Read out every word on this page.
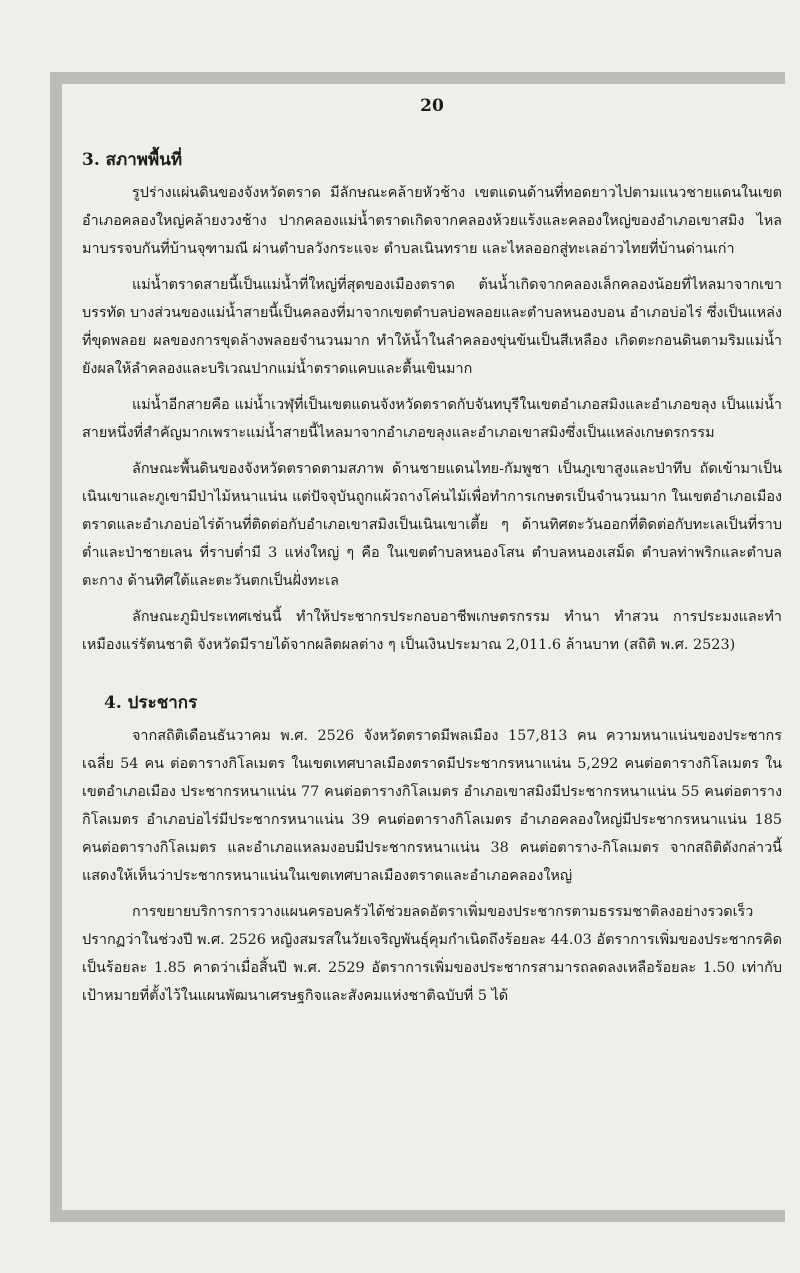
20
3. สภาพพื้นที่

รูปร่างแผ่นดินของจังหวัดตราด มีลักษณะคล้ายหัวช้าง เขตแดนด้านที่ทอดยาวไปตามแนวชายแดนในเขตอำเภอคลองใหญ่คล้ายงวงช้าง ปากคลองแม่น้ำตราดเกิดจากคลองห้วยแร้งและคลองใหญ่ของอำเภอเขาสมิง ไหลมาบรรจบกันที่บ้านจุฑามณี ผ่านตำบลวังกระแจะ ตำบลเนินทราย และไหลออกสู่ทะเลอ่าวไทยที่บ้านด่านเก่า

แม่น้ำตราดสายนี้เป็นแม่น้ำที่ใหญ่ที่สุดของเมืองตราด ต้นน้ำเกิดจากคลองเล็กคลองน้อยที่ไหลมาจากเขาบรรทัด บางส่วนของแม่น้ำสายนี้เป็นคลองที่มาจากเขตตำบลบ่อพลอยและตำบลหนองบอน อำเภอบ่อไร่ ซึ่งเป็นแหล่งที่ขุดพลอย ผลของการขุดล้างพลอยจำนวนมาก ทำให้น้ำในลำคลองขุ่นข้นเป็นสีเหลือง เกิดตะกอนดินตามริมแม่น้ำยังผลให้ลำคลองและบริเวณปากแม่น้ำตราดแคบและตื้นเขินมาก

แม่น้ำอีกสายคือ แม่น้ำเวฬุที่เป็นเขตแดนจังหวัดตราดกับจันทบุรีในเขตอำเภอสมิงและอำเภอขลุง เป็นแม่น้ำสายหนึ่งที่สำคัญมากเพราะแม่น้ำสายนี้ไหลมาจากอำเภอขลุงและอำเภอเขาสมิงซึ่งเป็นแหล่งเกษตรกรรม

ลักษณะพื้นดินของจังหวัดตราดตามสภาพ ด้านชายแดนไทย-กัมพูชา เป็นภูเขาสูงและป่าทึบ ถัดเข้ามาเป็นเนินเขาและภูเขามีป่าไม้หนาแน่น แต่ปัจจุบันถูกแผ้วถางโค่นไม้เพื่อทำการเกษตรเป็นจำนวนมาก ในเขตอำเภอเมืองตราดและอำเภอบ่อไร่ด้านที่ติดต่อกับอำเภอเขาสมิงเป็นเนินเขาเตี้ย ๆ ด้านทิศตะวันออกที่ติดต่อกับทะเลเป็นที่ราบต่ำและป่าชายเลน ที่ราบต่ำมี 3 แห่งใหญ่ ๆ คือ ในเขตตำบลหนองโสน ตำบลหนองเสม็ด ตำบลท่าพริกและตำบลตะกาง ด้านทิศใต้และตะวันตกเป็นฝั่งทะเล

ลักษณะภูมิประเทศเช่นนี้ ทำให้ประชากรประกอบอาชีพเกษตรกรรม ทำนา ทำสวน การประมงและทำเหมืองแร่รัตนชาติ จังหวัดมีรายได้จากผลิตผลต่าง ๆ เป็นเงินประมาณ 2,011.6 ล้านบาท (สถิติ พ.ศ. 2523)

4. ประชากร

จากสถิติเดือนธันวาคม พ.ศ. 2526 จังหวัดตราดมีพลเมือง 157,813 คน ความหนาแน่นของประชากรเฉลี่ย 54 คน ต่อตารางกิโลเมตร ในเขตเทศบาลเมืองตราดมีประชากรหนาแน่น 5,292 คนต่อตารางกิโลเมตร ในเขตอำเภอเมือง ประชากรหนาแน่น 77 คนต่อตารางกิโลเมตร อำเภอเขาสมิงมีประชากรหนาแน่น 55 คนต่อตารางกิโลเมตร อำเภอบ่อไร่มีประชากรหนาแน่น 39 คนต่อตารางกิโลเมตร อำเภอคลองใหญ่มีประชากรหนาแน่น 185 คนต่อตารางกิโลเมตร และอำเภอแหลมงอบมีประชากรหนาแน่น 38 คนต่อตาราง-กิโลเมตร จากสถิติดังกล่าวนี้ แสดงให้เห็นว่าประชากรหนาแน่นในเขตเทศบาลเมืองตราดและอำเภอคลองใหญ่

การขยายบริการการวางแผนครอบครัวได้ช่วยลดอัตราเพิ่มของประชากรตามธรรมชาติลงอย่างรวดเร็ว ปรากฏว่าในช่วงปี พ.ศ. 2526 หญิงสมรสในวัยเจริญพันธุ์คุมกำเนิดถึงร้อยละ 44.03 อัตราการเพิ่มของประชากรคิดเป็นร้อยละ 1.85 คาดว่าเมื่อสิ้นปี พ.ศ. 2529 อัตราการเพิ่มของประชากรสามารถลดลงเหลือร้อยละ 1.50 เท่ากับเป้าหมายที่ตั้งไว้ในแผนพัฒนาเศรษฐกิจและสังคมแห่งชาติฉบับที่ 5 ได้
